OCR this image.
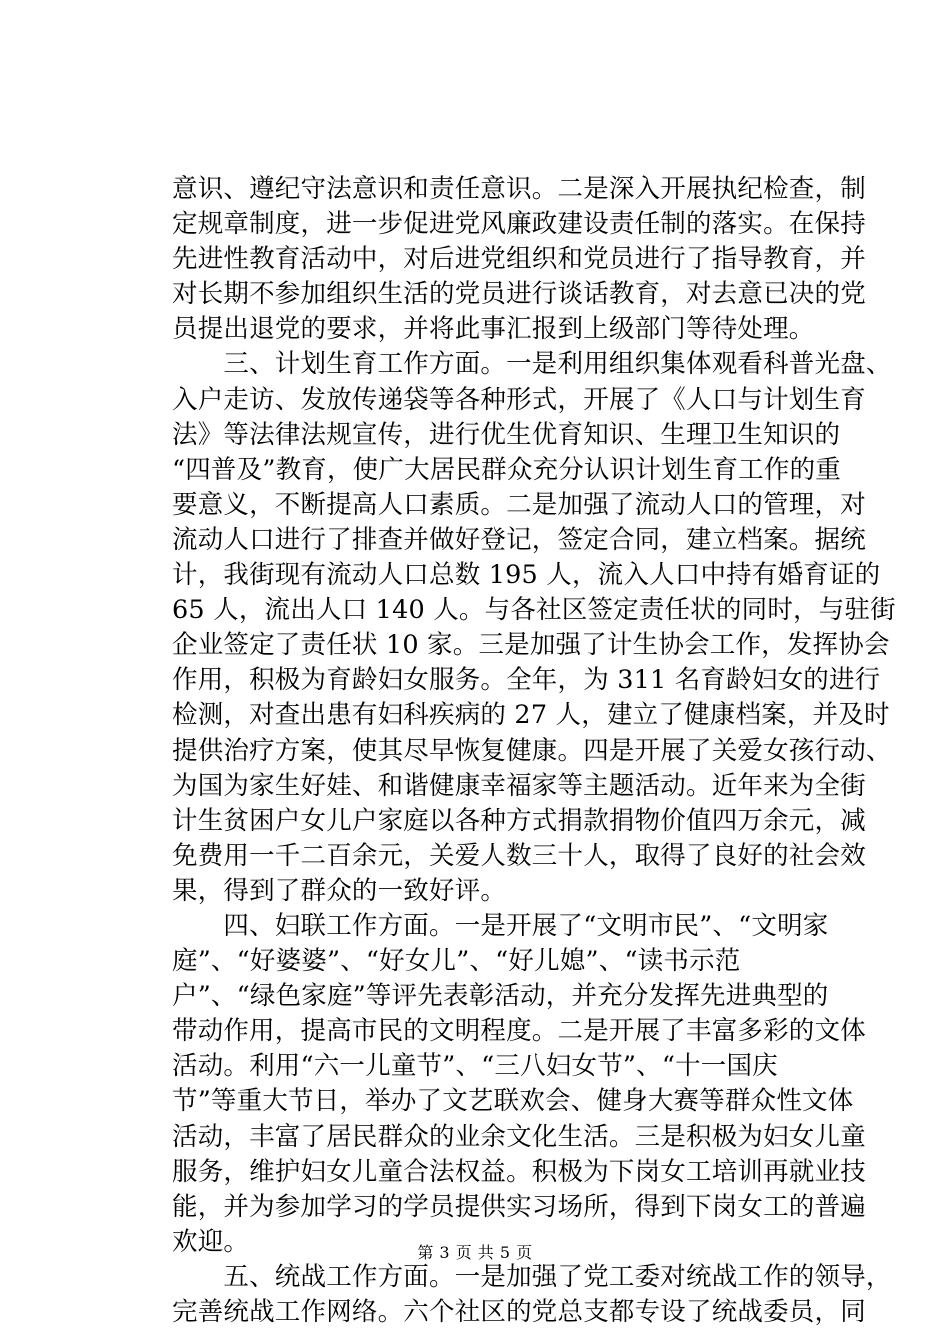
意识、遵纪守法意识和责任意识。二是深入开展执纪检查，制
定规章制度，进一步促进党风廉政建设责任制的落实。在保持
先进性教育活动中，对后进党组织和党员进行了指导教育，并
对长期不参加组织生活的党员进行谈话教育，对去意已决的党
员提出退党的要求，并将此事汇报到上级部门等待处理。
　　三、计划生育工作方面。一是利用组织集体观看科普光盘、
入户走访、发放传递袋等各种形式，开展了《人口与计划生育
法》等法律法规宣传，进行优生优育知识、生理卫生知识的
“四普及”教育，使广大居民群众充分认识计划生育工作的重
要意义，不断提高人口素质。二是加强了流动人口的管理，对
流动人口进行了排查并做好登记，签定合同，建立档案。据统
计，我街现有流动人口总数 195 人，流入人口中持有婚育证的
65 人，流出人口 140 人。与各社区签定责任状的同时，与驻街
企业签定了责任状 10 家。三是加强了计生协会工作，发挥协会
作用，积极为育龄妇女服务。全年，为 311 名育龄妇女的进行
检测，对查出患有妇科疾病的 27 人，建立了健康档案，并及时
提供治疗方案，使其尽早恢复健康。四是开展了关爱女孩行动、
为国为家生好娃、和谐健康幸福家等主题活动。近年来为全街
计生贫困户女儿户家庭以各种方式捐款捐物价值四万余元，减
免费用一千二百余元，关爱人数三十人，取得了良好的社会效
果，得到了群众的一致好评。
　　四、妇联工作方面。一是开展了“文明市民”、“文明家
庭”、“好婆婆”、“好女儿”、“好儿媳”、“读书示范
户”、“绿色家庭”等评先表彰活动，并充分发挥先进典型的
带动作用，提高市民的文明程度。二是开展了丰富多彩的文体
活动。利用“六一儿童节”、“三八妇女节”、“十一国庆
节”等重大节日，举办了文艺联欢会、健身大赛等群众性文体
活动，丰富了居民群众的业余文化生活。三是积极为妇女儿童
服务，维护妇女儿童合法权益。积极为下岗女工培训再就业技
能，并为参加学习的学员提供实习场所，得到下岗女工的普遍
欢迎。
　　五、统战工作方面。一是加强了党工委对统战工作的领导，
完善统战工作网络。六个社区的党总支都专设了统战委员，同
第 3 页 共 5 页
